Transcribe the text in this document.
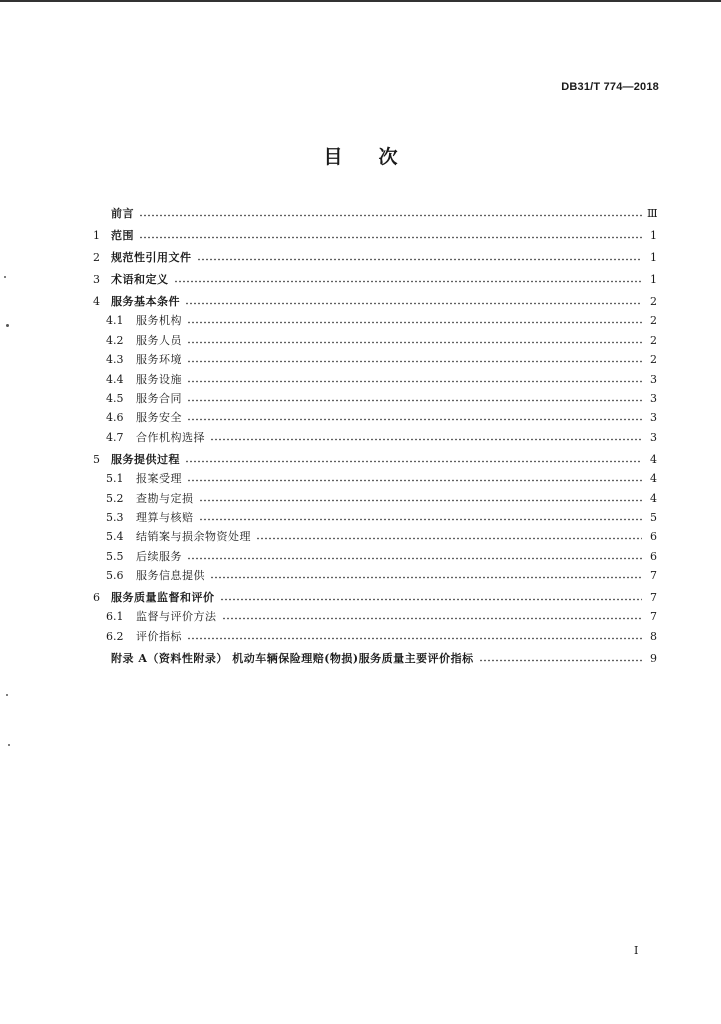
DB31/T 774—2018
目次
前言	Ⅲ
1	范围	1
2	规范性引用文件	1
3	术语和定义	1
4	服务基本条件	2
4.1	服务机构	2
4.2	服务人员	2
4.3	服务环境	2
4.4	服务设施	3
4.5	服务合同	3
4.6	服务安全	3
4.7	合作机构选择	3
5	服务提供过程	4
5.1	报案受理	4
5.2	查勘与定损	4
5.3	理算与核赔	5
5.4	结销案与损余物资处理	6
5.5	后续服务	6
5.6	服务信息提供	7
6	服务质量监督和评价	7
6.1	监督与评价方法	7
6.2	评价指标	8
附录 A（资料性附录） 机动车辆保险理赔(物损)服务质量主要评价指标	9
I
